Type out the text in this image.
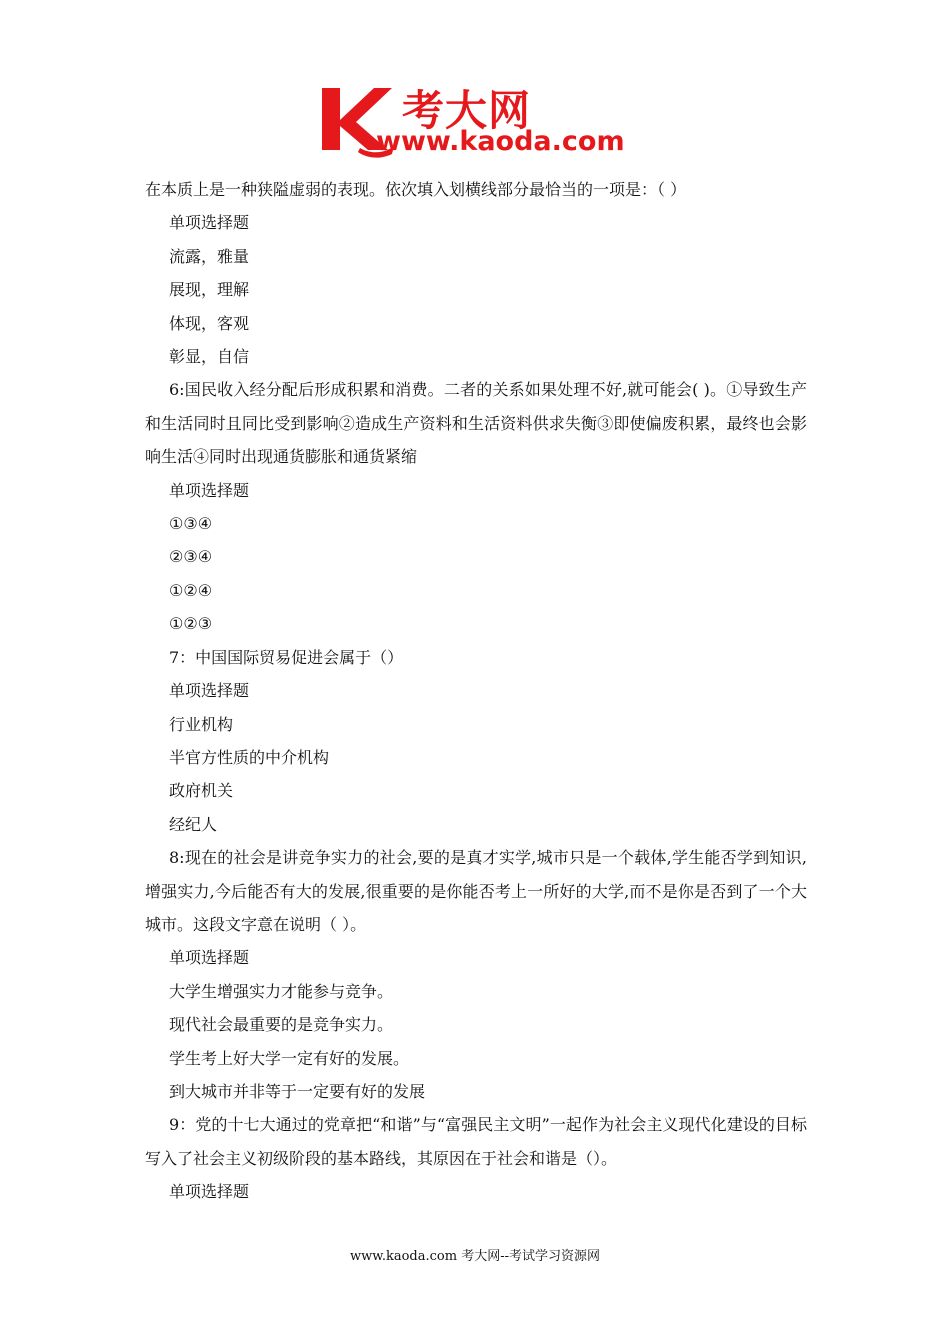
考大网
www.kaoda.com
在本质上是一种狭隘虚弱的表现。依次填入划横线部分最恰当的一项是：（ ）
单项选择题
流露，雅量
展现，理解
体现，客观
彰显，自信
6:国民收入经分配后形成积累和消费。二者的关系如果处理不好,就可能会( )。①导致生产和生活同时且同比受到影响②造成生产资料和生活资料供求失衡③即使偏废积累，最终也会影响生活④同时出现通货膨胀和通货紧缩
单项选择题
①③④
②③④
①②④
①②③
7：中国国际贸易促进会属于（）
单项选择题
行业机构
半官方性质的中介机构
政府机关
经纪人
8:现在的社会是讲竞争实力的社会,要的是真才实学,城市只是一个载体,学生能否学到知识,增强实力,今后能否有大的发展,很重要的是你能否考上一所好的大学,而不是你是否到了一个大城市。这段文字意在说明（ ）。
单项选择题
大学生增强实力才能参与竞争。
现代社会最重要的是竞争实力。
学生考上好大学一定有好的发展。
到大城市并非等于一定要有好的发展
9：党的十七大通过的党章把“和谐”与“富强民主文明”一起作为社会主义现代化建设的目标写入了社会主义初级阶段的基本路线，其原因在于社会和谐是（）。
单项选择题
www.kaoda.com 考大网--考试学习资源网
